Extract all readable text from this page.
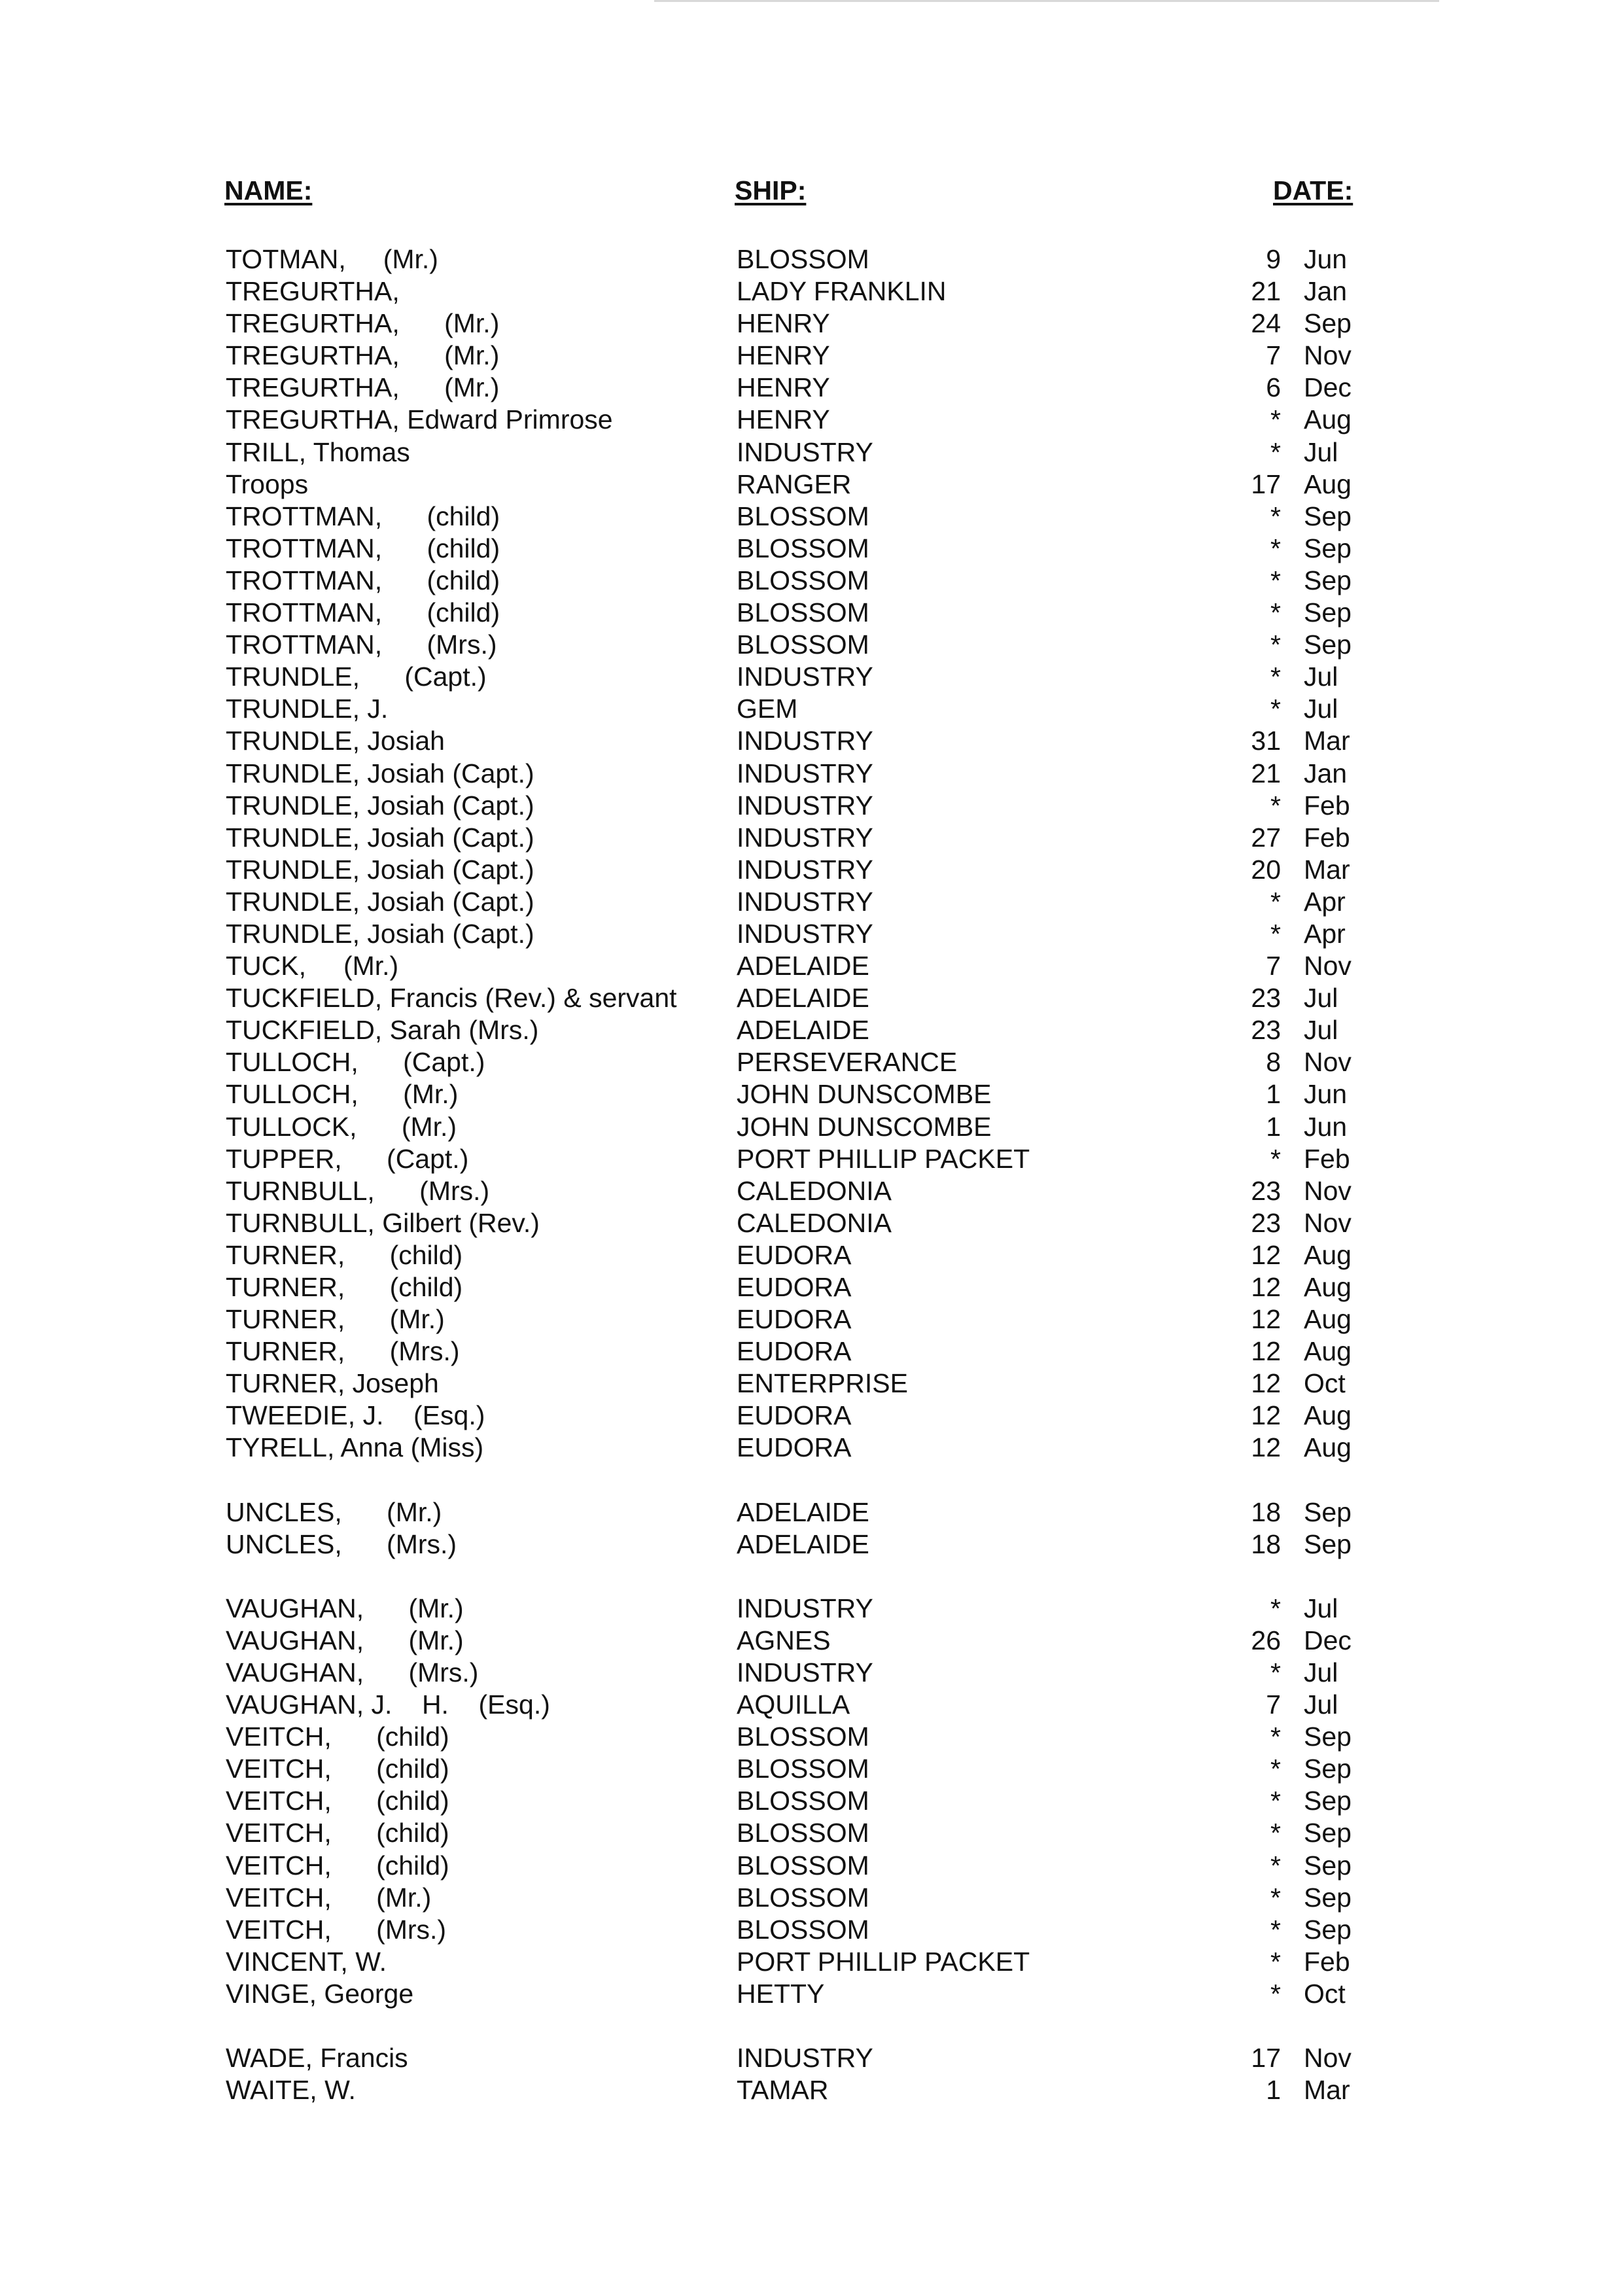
NAME:	SHIP:	DATE:
TOTMAN,     (Mr.)	BLOSSOM	9 Jun
TREGURTHA,	LADY FRANKLIN	21 Jan
TREGURTHA,      (Mr.)	HENRY	24 Sep
TREGURTHA,      (Mr.)	HENRY	7 Nov
TREGURTHA,      (Mr.)	HENRY	6 Dec
TREGURTHA, Edward Primrose	HENRY	* Aug
TRILL, Thomas	INDUSTRY	* Jul
Troops	RANGER	17 Aug
TROTTMAN,      (child)	BLOSSOM	* Sep
TROTTMAN,      (child)	BLOSSOM	* Sep
TROTTMAN,      (child)	BLOSSOM	* Sep
TROTTMAN,      (child)	BLOSSOM	* Sep
TROTTMAN,      (Mrs.)	BLOSSOM	* Sep
TRUNDLE,      (Capt.)	INDUSTRY	* Jul
TRUNDLE, J.	GEM	* Jul
TRUNDLE, Josiah	INDUSTRY	31 Mar
TRUNDLE, Josiah (Capt.)	INDUSTRY	21 Jan
TRUNDLE, Josiah (Capt.)	INDUSTRY	* Feb
TRUNDLE, Josiah (Capt.)	INDUSTRY	27 Feb
TRUNDLE, Josiah (Capt.)	INDUSTRY	20 Mar
TRUNDLE, Josiah (Capt.)	INDUSTRY	* Apr
TRUNDLE, Josiah (Capt.)	INDUSTRY	* Apr
TUCK,     (Mr.)	ADELAIDE	7 Nov
TUCKFIELD, Francis (Rev.) & servant ADELAIDE	23 Jul
TUCKFIELD, Sarah (Mrs.)	ADELAIDE	23 Jul
TULLOCH,      (Capt.)	PERSEVERANCE	8 Nov
TULLOCH,      (Mr.)	JOHN DUNSCOMBE	1 Jun
TULLOCK,      (Mr.)	JOHN DUNSCOMBE	1 Jun
TUPPER,      (Capt.)	PORT PHILLIP PACKET	* Feb
TURNBULL,      (Mrs.)	CALEDONIA	23 Nov
TURNBULL, Gilbert (Rev.)	CALEDONIA	23 Nov
TURNER,      (child)	EUDORA	12 Aug
TURNER,      (child)	EUDORA	12 Aug
TURNER,      (Mr.)	EUDORA	12 Aug
TURNER,      (Mrs.)	EUDORA	12 Aug
TURNER, Joseph	ENTERPRISE	12 Oct
TWEEDIE, J.    (Esq.)	EUDORA	12 Aug
TYRELL, Anna (Miss)	EUDORA	12 Aug
UNCLES,      (Mr.)	ADELAIDE	18 Sep
UNCLES,      (Mrs.)	ADELAIDE	18 Sep
VAUGHAN,      (Mr.)	INDUSTRY	* Jul
VAUGHAN,      (Mr.)	AGNES	26 Dec
VAUGHAN,      (Mrs.)	INDUSTRY	* Jul
VAUGHAN, J.    H.    (Esq.)	AQUILLA	7 Jul
VEITCH,      (child)	BLOSSOM	* Sep
VEITCH,      (child)	BLOSSOM	* Sep
VEITCH,      (child)	BLOSSOM	* Sep
VEITCH,      (child)	BLOSSOM	* Sep
VEITCH,      (child)	BLOSSOM	* Sep
VEITCH,      (Mr.)	BLOSSOM	* Sep
VEITCH,      (Mrs.)	BLOSSOM	* Sep
VINCENT, W.	PORT PHILLIP PACKET	* Feb
VINGE, George	HETTY	* Oct
WADE, Francis	INDUSTRY	17 Nov
WAITE, W.	TAMAR	1 Mar
